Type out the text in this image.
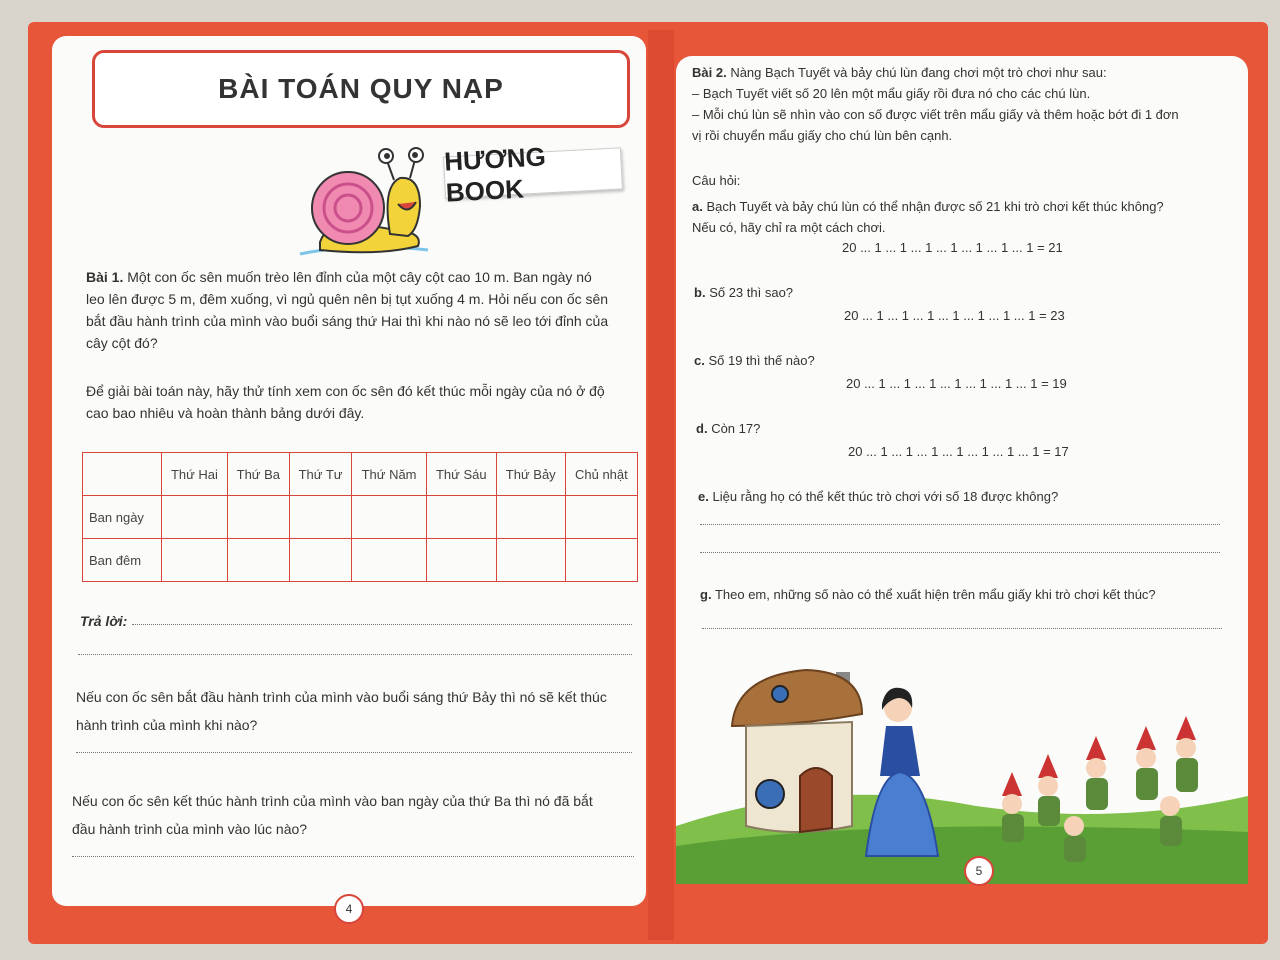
BÀI TOÁN QUY NẠP
HƯƠNG BOOK
Bài 1. Một con ốc sên muốn trèo lên đỉnh của một cây cột cao 10 m. Ban ngày nó
leo lên được 5 m, đêm xuống, vì ngủ quên nên bị tụt xuống 4 m. Hỏi nếu con ốc sên
bắt đầu hành trình của mình vào buổi sáng thứ Hai thì khi nào nó sẽ leo tới đỉnh của
cây cột đó?
Để giải bài toán này, hãy thử tính xem con ốc sên đó kết thúc mỗi ngày của nó ở độ
cao bao nhiêu và hoàn thành bảng dưới đây.
	Thứ Hai	Thứ Ba	Thứ Tư	Thứ Năm	Thứ Sáu	Thứ Bảy	Chủ nhật
Ban ngày							
Ban đêm							
Trả lời:
Nếu con ốc sên bắt đầu hành trình của mình vào buổi sáng thứ Bảy thì nó sẽ kết thúc
hành trình của mình khi nào?
Nếu con ốc sên kết thúc hành trình của mình vào ban ngày của thứ Ba thì nó đã bắt
đầu hành trình của mình vào lúc nào?
4
Bài 2. Nàng Bạch Tuyết và bảy chú lùn đang chơi một trò chơi như sau:
– Bạch Tuyết viết số 20 lên một mẩu giấy rồi đưa nó cho các chú lùn.
– Mỗi chú lùn sẽ nhìn vào con số được viết trên mẩu giấy và thêm hoặc bớt đi 1 đơn
vị rồi chuyển mẩu giấy cho chú lùn bên cạnh.
Câu hỏi:
a. Bạch Tuyết và bảy chú lùn có thể nhận được số 21 khi trò chơi kết thúc không?
Nếu có, hãy chỉ ra một cách chơi.
20 ... 1 ... 1 ... 1 ... 1 ... 1 ... 1 ... 1 = 21
b. Số 23 thì sao?
20 ... 1 ... 1 ... 1 ... 1 ... 1 ... 1 ... 1 = 23
c. Số 19 thì thế nào?
20 ... 1 ... 1 ... 1 ... 1 ... 1 ... 1 ... 1 = 19
d. Còn 17?
20 ... 1 ... 1 ... 1 ... 1 ... 1 ... 1 ... 1 = 17
e. Liệu rằng họ có thể kết thúc trò chơi với số 18 được không?
g. Theo em, những số nào có thể xuất hiện trên mẩu giấy khi trò chơi kết thúc?
5
